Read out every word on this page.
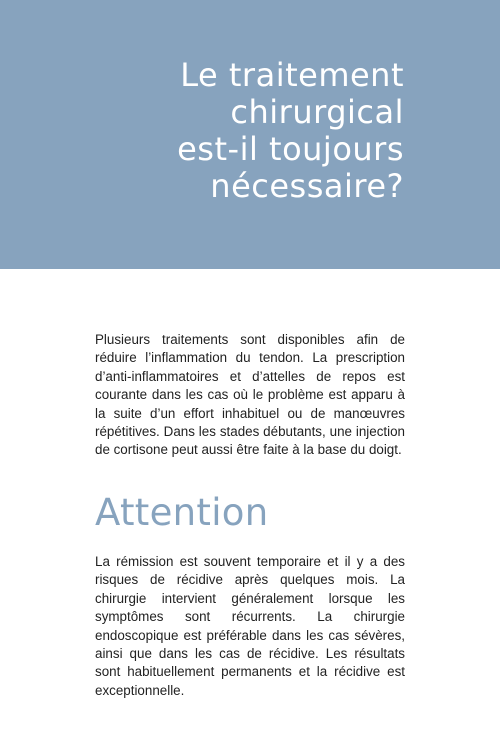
Le traitement
chirurgical
est-il toujours
nécessaire?

Plusieurs traitements sont disponibles afin de réduire l’inflammation du tendon. La prescription d’anti-inflammatoires et d’attelles de repos est courante dans les cas où le problème est apparu à la suite d’un effort inhabituel ou de manœuvres répétitives. Dans les stades débutants, une injection de cortisone peut aussi être faite à la base du doigt.

Attention

La rémission est souvent temporaire et il y a des risques de récidive après quelques mois. La chirurgie intervient généralement lorsque les symptômes sont récurrents. La chirurgie endoscopique est préférable dans les cas sévères, ainsi que dans les cas de récidive. Les résultats sont habituellement permanents et la récidive est exceptionnelle.
